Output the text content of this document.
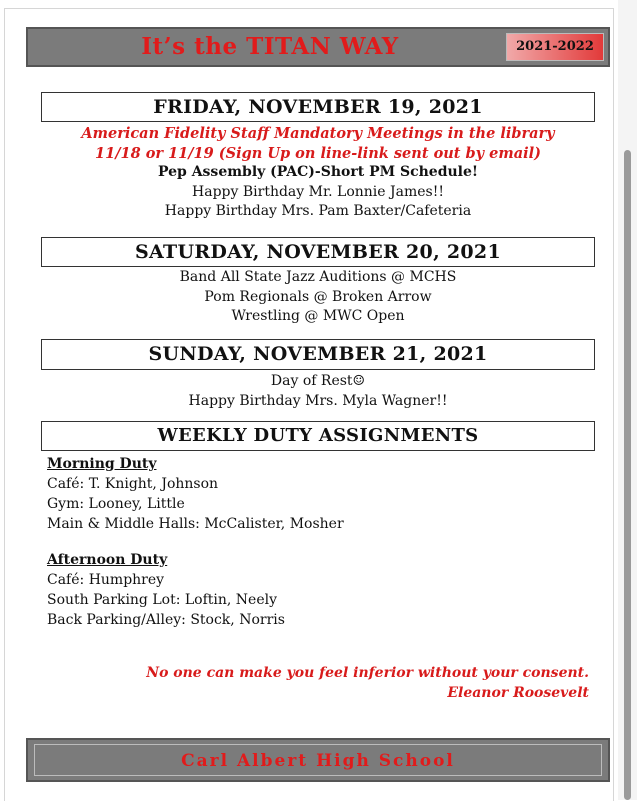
It’s the TITAN WAY	2021-2022
FRIDAY, NOVEMBER 19, 2021
American Fidelity Staff Mandatory Meetings in the library
11/18 or 11/19 (Sign Up on line-link sent out by email)
Pep Assembly (PAC)-Short PM Schedule!
Happy Birthday Mr. Lonnie James!!
Happy Birthday Mrs. Pam Baxter/Cafeteria
SATURDAY, NOVEMBER 20, 2021
Band All State Jazz Auditions @ MCHS
Pom Regionals @ Broken Arrow
Wrestling @ MWC Open
SUNDAY, NOVEMBER 21, 2021
Day of Rest☺
Happy Birthday Mrs. Myla Wagner!!
WEEKLY DUTY ASSIGNMENTS
Morning Duty
Café: T. Knight, Johnson
Gym: Looney, Little
Main & Middle Halls: McCalister, Mosher
Afternoon Duty
Café: Humphrey
South Parking Lot: Loftin, Neely
Back Parking/Alley: Stock, Norris
No one can make you feel inferior without your consent.
Eleanor Roosevelt
Carl Albert High School
